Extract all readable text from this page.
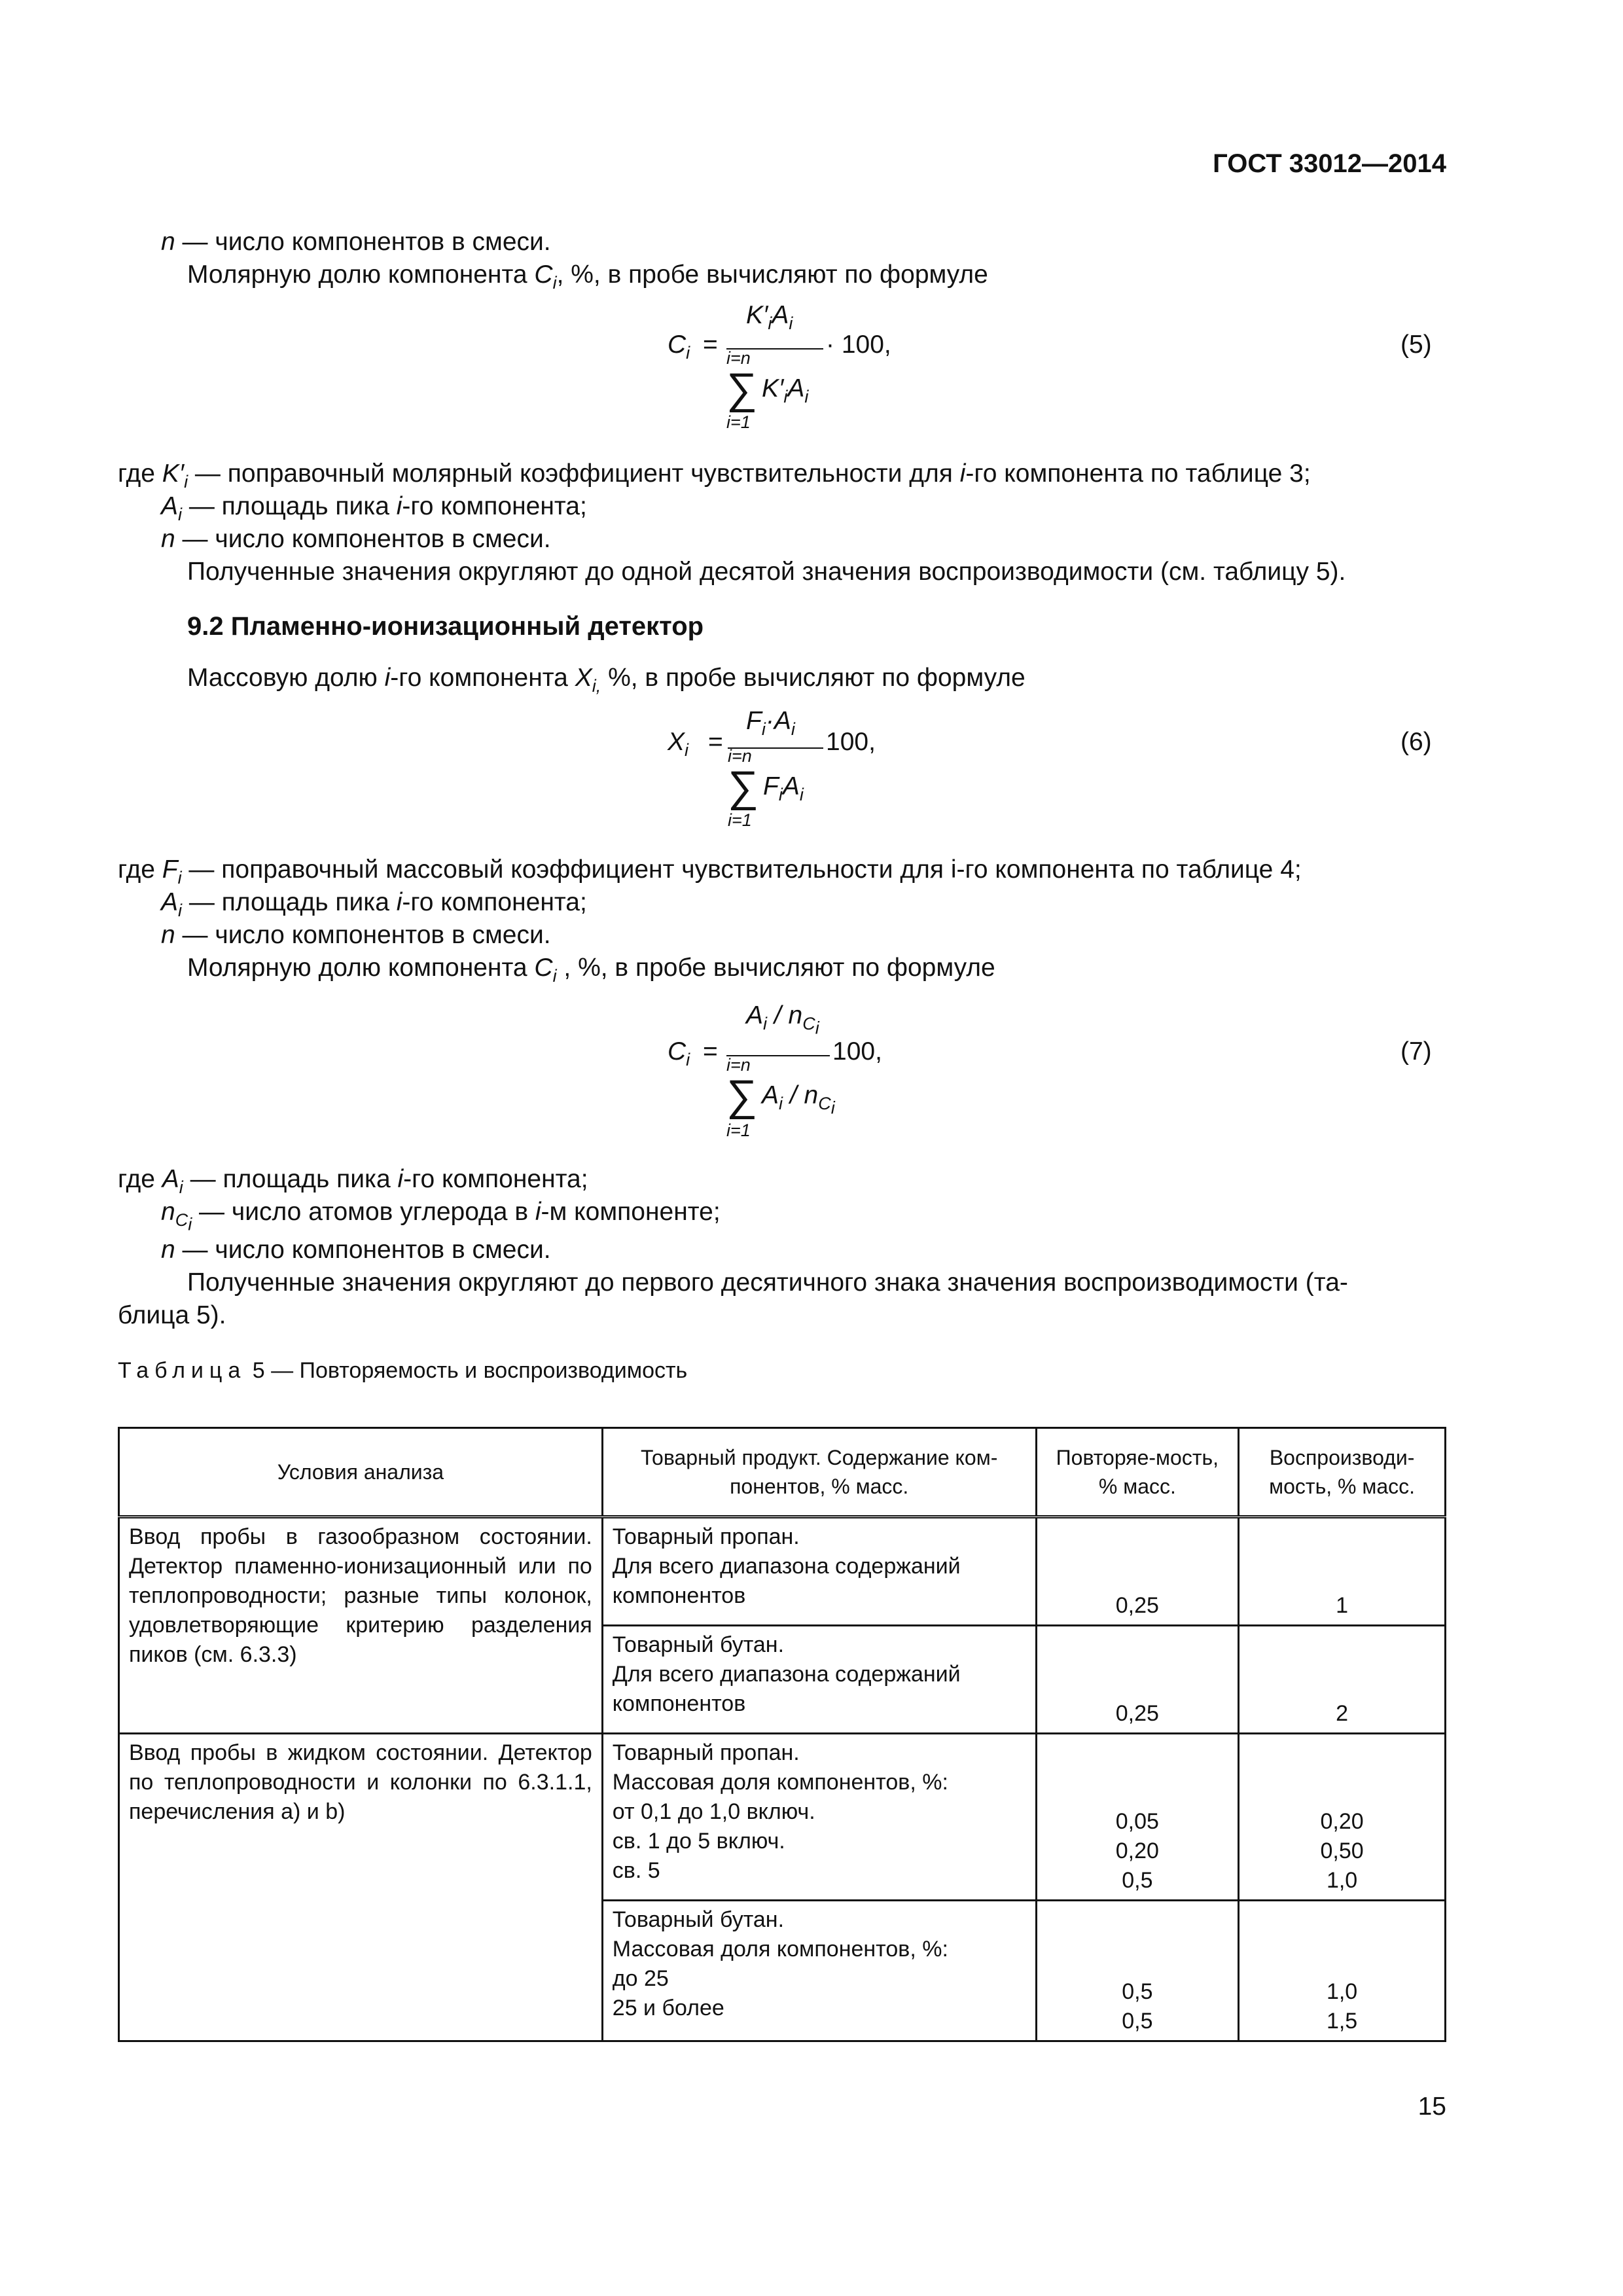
ГОСТ 33012—2014
n — число компонентов в смеси.
Молярную долю компонента $C_i$, %, в пробе вычисляют по формуле
$C_i$ =
$K'_iA_i$
· 100,
i=n
∑ $K'_iA_i$
i=1
(5)
где $K'_i$ — поправочный молярный коэффициент чувствительности для i-го компонента по таблице 3;
$A_i$ — площадь пика i-го компонента;
n — число компонентов в смеси.
Полученные значения округляют до одной десятой значения воспроизводимости (см. таблицу 5).
9.2 Пламенно-ионизационный детектор
Массовую долю i-го компонента $X_{i,}$ %, в пробе вычисляют по формуле
$X_i$ =
$F_i\cdot A_i$ 100,
i=n
∑ $F_iA_i$
i=1
(6)
где $F_i$ — поправочный массовый коэффициент чувствительности для i-го компонента по таблице 4;
$A_i$ — площадь пика i-го компонента;
n — число компонентов в смеси.
Молярную долю компонента $C_i$ , %, в пробе вычисляют по формуле
$C_i$ =
$A_i / n_{C_i}$
100,
i=n
∑ $A_i / n_{C_i}$
i=1
(7)
где $A_i$ — площадь пика i-го компонента;
$n_{C_i}$ — число атомов углерода в i-м компоненте;
n — число компонентов в смеси.
Полученные значения округляют до первого десятичного знака значения воспроизводимости (та-
блица 5).
Таблица 5 — Повторяемость и воспроизводимость
Условия анализа	Товарный продукт. Содержание ком-понентов, % масс.	Повторяе-мость, % масс.	Воспроизводи-мость, % масс.
Ввод пробы в газообразном состоянии. Детектор пламенно-ионизационный или по теплопроводности; разные типы колонок, удовлетворяющие критерию разделения пиков (см. 6.3.3)	Товарный пропан.
Для всего диапазона содержаний компонентов	0,25	1

	Товарный бутан.
Для всего диапазона содержаний компонентов	0,25	2

Ввод пробы в жидком состоянии. Детектор по теплопроводности и колонки по 6.3.1.1, перечисления a) и b)	Товарный пропан.
Массовая доля компонентов, %:
от 0,1 до 1,0 включ.
св. 1 до 5 включ.
св. 5	0,05
0,20
0,5	0,20
0,50
1,0

	Товарный бутан.
Массовая доля компонентов, %:
до 25
25 и более	0,5
0,5	1,0
1,5
15
